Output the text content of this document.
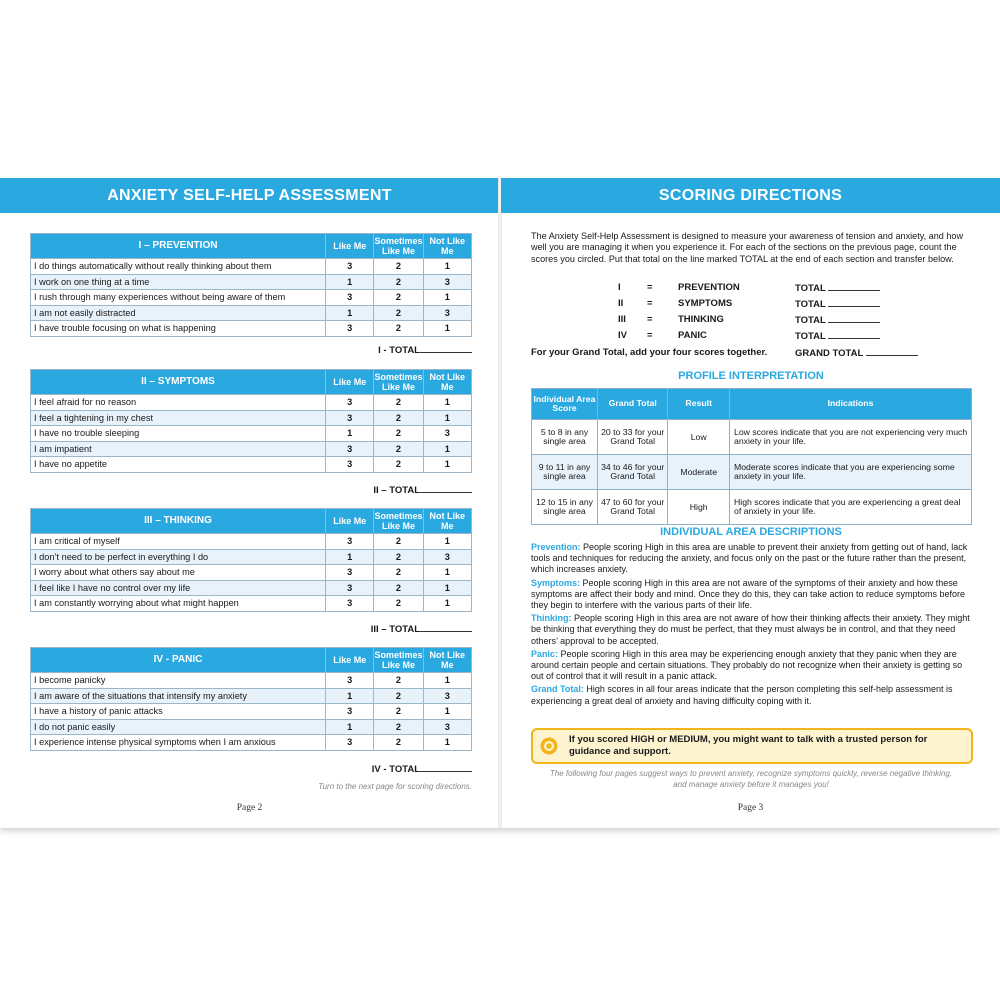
ANXIETY SELF-HELP ASSESSMENT
I – PREVENTION	Like Me	Sometimes Like Me	Not Like Me
I do things automatically without really thinking about them	3	2	1
I work on one thing at a time	1	2	3
I rush through many experiences without being aware of them	3	2	1
I am not easily distracted	1	2	3
I have trouble focusing on what is happening	3	2	1
I - TOTAL
II – SYMPTOMS	Like Me	Sometimes Like Me	Not Like Me
I feel afraid for no reason	3	2	1
I feel a tightening in my chest	3	2	1
I have no trouble sleeping	1	2	3
I am impatient	3	2	1
I have no appetite	3	2	1
II – TOTAL
III – THINKING	Like Me	Sometimes Like Me	Not Like Me
I am critical of myself	3	2	1
I don’t need to be perfect in everything I do	1	2	3
I worry about what others say about me	3	2	1
I feel like I have no control over my life	3	2	1
I am constantly worrying about what might happen	3	2	1
III – TOTAL
IV - PANIC	Like Me	Sometimes Like Me	Not Like Me
I become panicky	3	2	1
I am aware of the situations that intensify my anxiety	1	2	3
I have a history of panic attacks	3	2	1
I do not panic easily	1	2	3
I experience intense physical symptoms when I am anxious	3	2	1
IV - TOTAL
Turn to the next page for scoring directions.
Page 2
SCORING DIRECTIONS
The Anxiety Self-Help Assessment is designed to measure your awareness of tension and anxiety, and how well you are managing it when you experience it. For each of the sections on the previous page, count the scores you circled. Put that total on the line marked TOTAL at the end of each section and transfer below.
I	=	PREVENTION	TOTAL
II =	SYMPTOMS	TOTAL
III =	THINKING	TOTAL
IV =	PANIC	TOTAL
For your Grand Total, add your four scores together.	GRAND TOTAL
PROFILE INTERPRETATION
Individual Area Score	Grand Total	Result	Indications
5 to 8 in any single area	20 to 33 for your Grand Total	Low	Low scores indicate that you are not experiencing very much anxiety in your life.
9 to 11 in any single area	34 to 46 for your Grand Total	Moderate	Moderate scores indicate that you are experiencing some anxiety in your life.
12 to 15 in any single area	47 to 60 for your Grand Total	High	High scores indicate that you are experiencing a great deal of anxiety in your life.
INDIVIDUAL AREA DESCRIPTIONS

Prevention: People scoring High in this area are unable to prevent their anxiety from getting out of hand, lack tools and techniques for reducing the anxiety, and focus only on the past or the future rather than the present, which increases anxiety.

Symptoms: People scoring High in this area are not aware of the symptoms of their anxiety and how these symptoms are affect their body and mind. Once they do this, they can take action to reduce symptoms before they begin to interfere with the various parts of their life.

Thinking: People scoring High in this area are not aware of how their thinking affects their anxiety. They might be thinking that everything they do must be perfect, that they must always be in control, and that they need others’ approval to be accepted.

Panic: People scoring High in this area may be experiencing enough anxiety that they panic when they are around certain people and certain situations. They probably do not recognize when their anxiety is getting so out of control that it will result in a panic attack.

Grand Total: High scores in all four areas indicate that the person completing this self-help assessment is experiencing a great deal of anxiety and having difficulty coping with it.

If you scored HIGH or MEDIUM, you might want to talk with a trusted person for guidance and support.
The following four pages suggest ways to prevent anxiety, recognize symptoms quickly, reverse negative thinking,
and manage anxiety before it manages you!
Page 3
